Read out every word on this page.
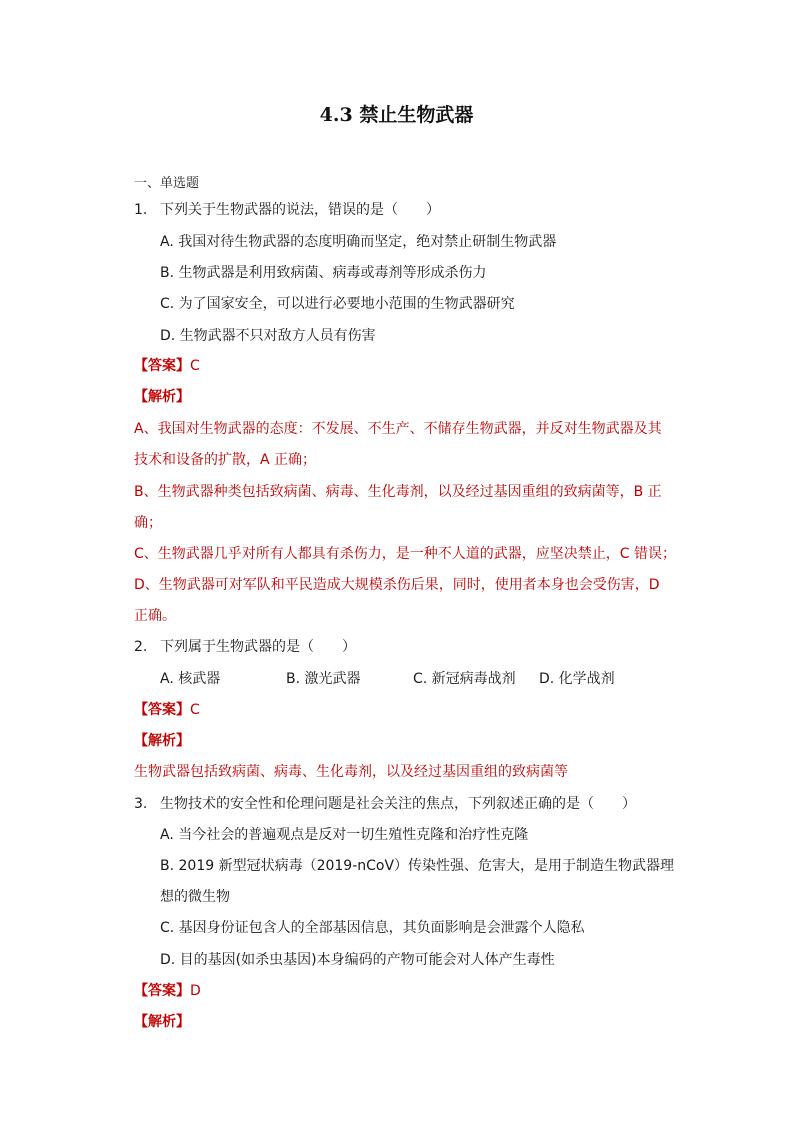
4.3 禁止生物武器
一、单选题
1. 下列关于生物武器的说法，错误的是（　　）
A. 我国对待生物武器的态度明确而坚定，绝对禁止研制生物武器
B. 生物武器是利用致病菌、病毒或毒剂等形成杀伤力
C. 为了国家安全，可以进行必要地小范围的生物武器研究
D. 生物武器不只对敌方人员有伤害
【答案】C
【解析】
A、我国对生物武器的态度：不发展、不生产、不储存生物武器，并反对生物武器及其
技术和设备的扩散，A 正确；
B、生物武器种类包括致病菌、病毒、生化毒剂，以及经过基因重组的致病菌等，B 正
确；
C、生物武器几乎对所有人都具有杀伤力，是一种不人道的武器，应坚决禁止，C 错误；
D、生物武器可对军队和平民造成大规模杀伤后果，同时，使用者本身也会受伤害，D
正确。
2. 下列属于生物武器的是（　　）
A. 核武器	B. 激光武器	C. 新冠病毒战剂 D. 化学战剂
【答案】C
【解析】
生物武器包括致病菌、病毒、生化毒剂，以及经过基因重组的致病菌等
3. 生物技术的安全性和伦理问题是社会关注的焦点，下列叙述正确的是（　　）
A. 当今社会的普遍观点是反对一切生殖性克隆和治疗性克隆
B. 2019 新型冠状病毒（2019-nCoV）传染性强、危害大，是用于制造生物武器理
想的微生物
C. 基因身份证包含人的全部基因信息，其负面影响是会泄露个人隐私
D. 目的基因(如杀虫基因)本身编码的产物可能会对人体产生毒性
【答案】D
【解析】
